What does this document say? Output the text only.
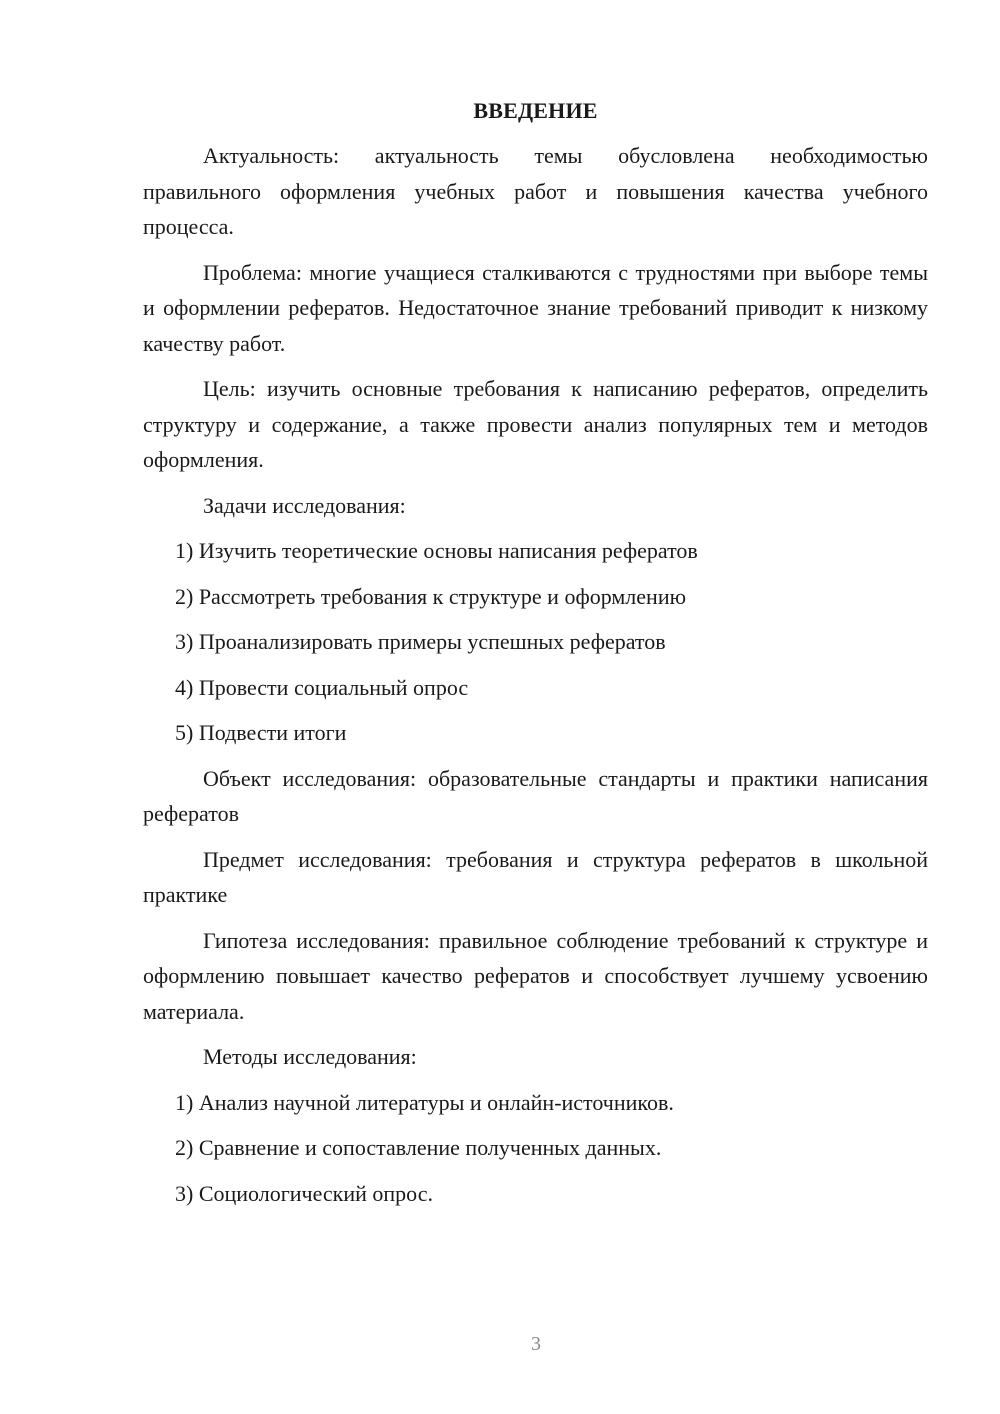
ВВЕДЕНИЕ

Актуальность: актуальность темы обусловлена необходимостью правильного оформления учебных работ и повышения качества учебного процесса.

Проблема: многие учащиеся сталкиваются с трудностями при выборе темы и оформлении рефератов. Недостаточное знание требований приводит к низкому качеству работ.

Цель: изучить основные требования к написанию рефератов, определить структуру и содержание, а также провести анализ популярных тем и методов оформления.

Задачи исследования:

1) Изучить теоретические основы написания рефератов
2) Рассмотреть требования к структуре и оформлению
3) Проанализировать примеры успешных рефератов
4) Провести социальный опрос
5) Подвести итоги

Объект исследования: образовательные стандарты и практики написания рефератов

Предмет исследования: требования и структура рефератов в школьной практике

Гипотеза исследования: правильное соблюдение требований к структуре и оформлению повышает качество рефератов и способствует лучшему усвоению материала.

Методы исследования:

1) Анализ научной литературы и онлайн-источников.
2) Сравнение и сопоставление полученных данных.
3) Социологический опрос.
3
